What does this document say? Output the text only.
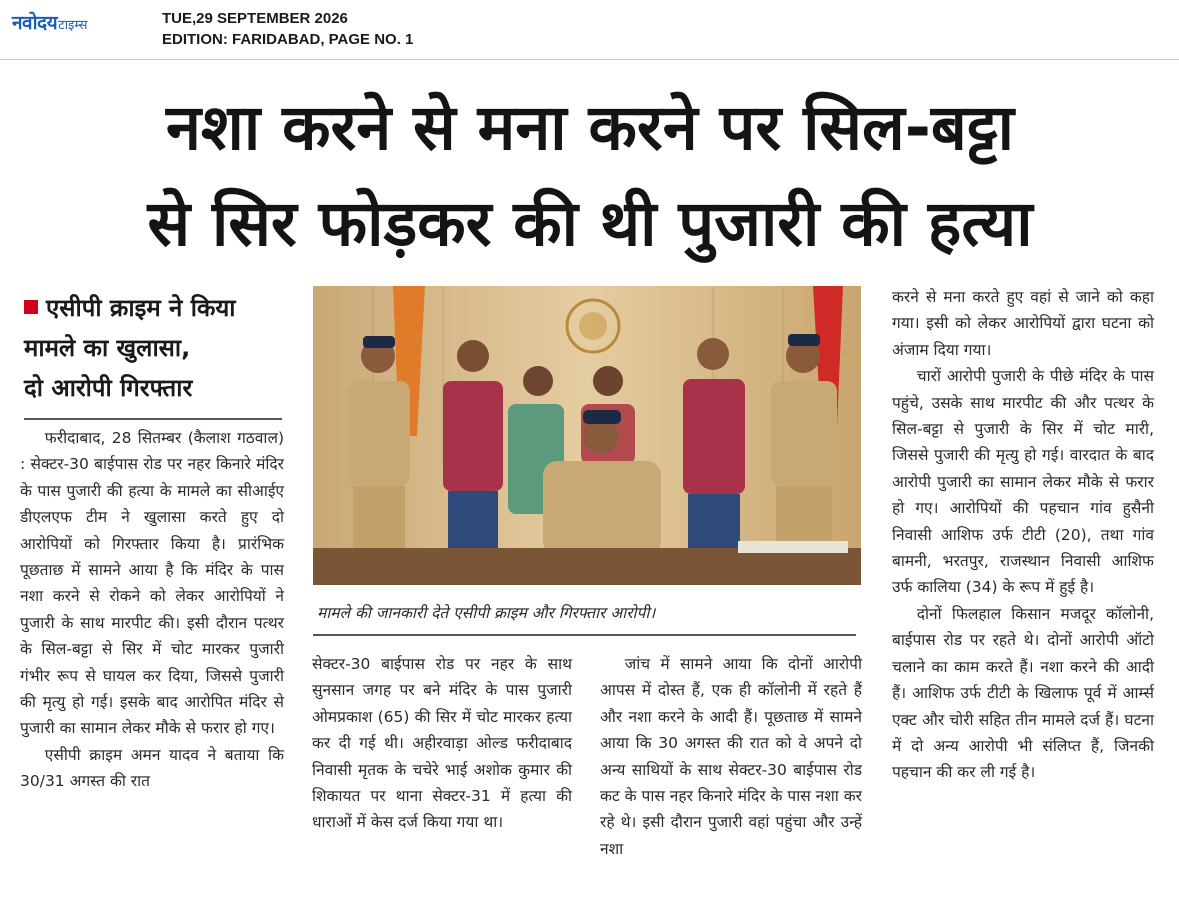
नवोदय टाइम्स	TUE,29 SEPTEMBER 2026
EDITION: FARIDABAD, PAGE NO. 1
नशा करने से मना करने पर सिल-बट्टा
से सिर फोड़कर की थी पुजारी की हत्या
एसीपी क्राइम ने किया
मामले का खुलासा,
दो आरोपी गिरफ्तार

फरीदाबाद, 28 सितम्बर (कैलाश गठवाल) : सेक्टर-30 बाईपास रोड पर नहर किनारे मंदिर के पास पुजारी की हत्या के मामले का सीआईए डीएलएफ टीम ने खुलासा करते हुए दो आरोपियों को गिरफ्तार किया है। प्रारंभिक पूछताछ में सामने आया है कि मंदिर के पास नशा करने से रोकने को लेकर आरोपियों ने पुजारी के साथ मारपीट की। इसी दौरान पत्थर के सिल-बट्टा से सिर में चोट मारकर पुजारी गंभीर रूप से घायल कर दिया, जिससे पुजारी की मृत्यु हो गई। इसके बाद आरोपित मंदिर से पुजारी का सामान लेकर मौके से फरार हो गए।

एसीपी क्राइम अमन यादव ने बताया कि 30/31 अगस्त की रात

मामले की जानकारी देते एसीपी क्राइम और गिरफ्तार आरोपी।

सेक्टर-30 बाईपास रोड पर नहर के साथ सुनसान जगह पर बने मंदिर के पास पुजारी ओमप्रकाश (65) की सिर में चोट मारकर हत्या कर दी गई थी। अहीरवाड़ा ओल्ड फरीदाबाद निवासी मृतक के चचेरे भाई अशोक कुमार की शिकायत पर थाना सेक्टर-31 में हत्या की धाराओं में केस दर्ज किया गया था।

जांच में सामने आया कि दोनों आरोपी आपस में दोस्त हैं, एक ही कॉलोनी में रहते हैं और नशा करने के आदी हैं। पूछताछ में सामने आया कि 30 अगस्त की रात को वे अपने दो अन्य साथियों के साथ सेक्टर-30 बाईपास रोड कट के पास नहर किनारे मंदिर के पास नशा कर रहे थे। इसी दौरान पुजारी वहां पहुंचा और उन्हें नशा

करने से मना करते हुए वहां से जाने को कहा गया। इसी को लेकर आरोपियों द्वारा घटना को अंजाम दिया गया।

चारों आरोपी पुजारी के पीछे मंदिर के पास पहुंचे, उसके साथ मारपीट की और पत्थर के सिल-बट्टा से पुजारी के सिर में चोट मारी, जिससे पुजारी की मृत्यु हो गई। वारदात के बाद आरोपी पुजारी का सामान लेकर मौके से फरार हो गए। आरोपियों की पहचान गांव हुसैनी निवासी आशिफ उर्फ टीटी (20), तथा गांव बामनी, भरतपुर, राजस्थान निवासी आशिफ उर्फ कालिया (34) के रूप में हुई है।

दोनों फिलहाल किसान मजदूर कॉलोनी, बाईपास रोड पर रहते थे। दोनों आरोपी ऑटो चलाने का काम करते हैं। नशा करने की आदी हैं। आशिफ उर्फ टीटी के खिलाफ पूर्व में आर्म्स एक्ट और चोरी सहित तीन मामले दर्ज हैं। घटना में दो अन्य आरोपी भी संलिप्त हैं, जिनकी पहचान की कर ली गई है।
